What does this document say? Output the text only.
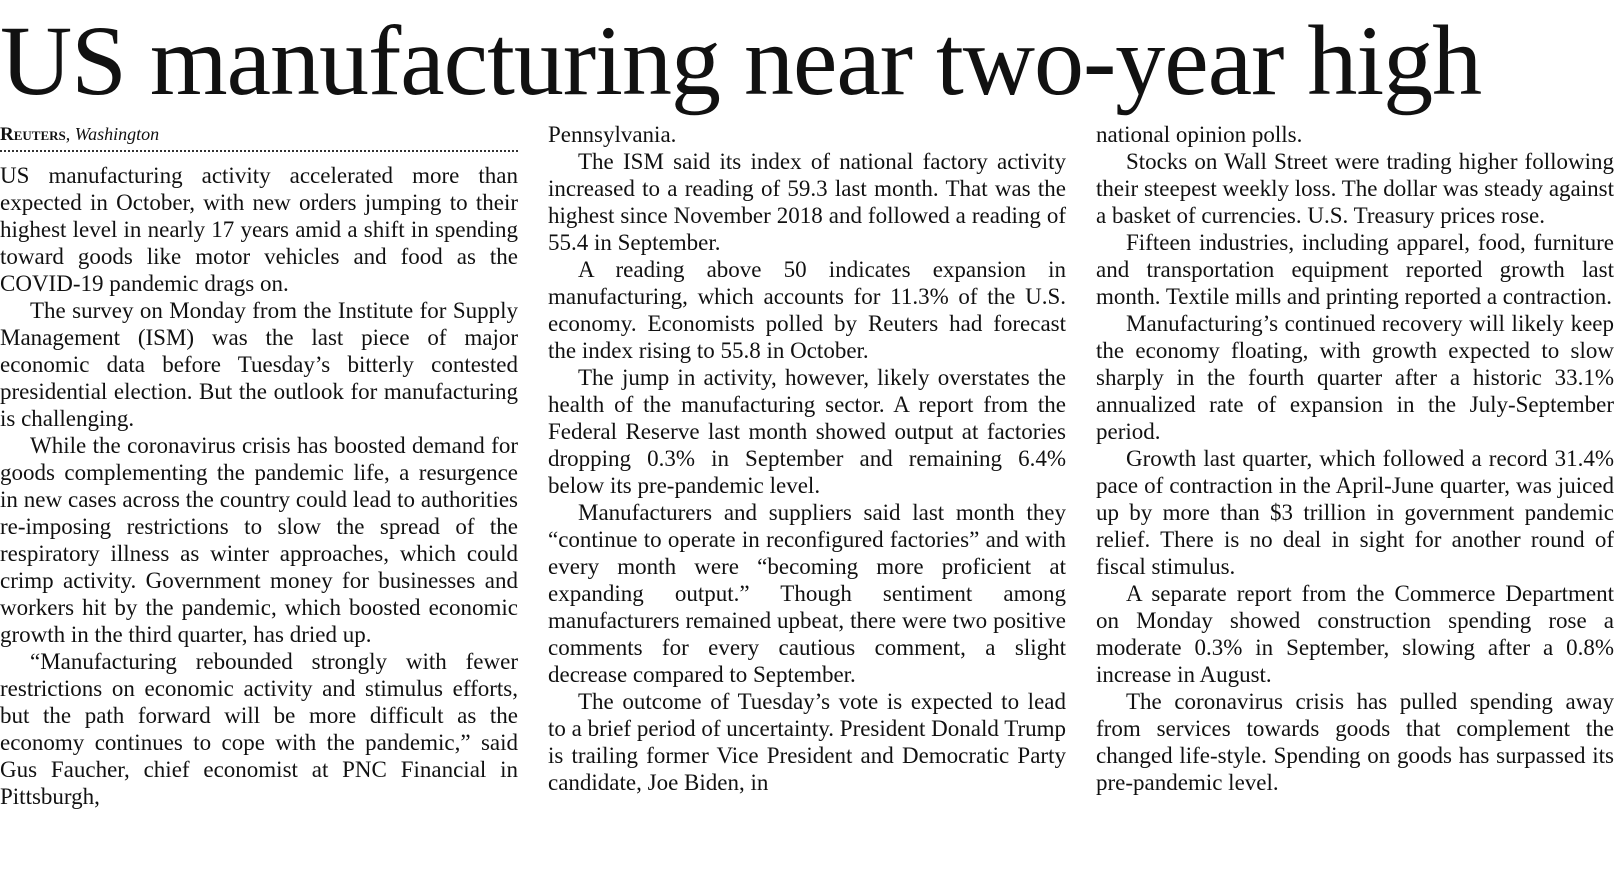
US manufacturing near two-year high
Reuters, Washington

US manufacturing activity accelerated more than expected in October, with new orders jumping to their highest level in nearly 17 years amid a shift in spending toward goods like motor vehicles and food as the COVID-19 pandemic drags on.

The survey on Monday from the Institute for Supply Management (ISM) was the last piece of major economic data before Tuesday’s bitterly contested presidential election. But the outlook for manufacturing is challenging.

While the coronavirus crisis has boosted demand for goods complementing the pandemic life, a resurgence in new cases across the country could lead to authorities re-imposing restrictions to slow the spread of the respiratory illness as winter approaches, which could crimp activity. Government money for businesses and workers hit by the pandemic, which boosted economic growth in the third quarter, has dried up.

“Manufacturing rebounded strongly with fewer restrictions on economic activity and stimulus efforts, but the path forward will be more difficult as the economy continues to cope with the pandemic,” said Gus Faucher, chief economist at PNC Financial in Pittsburgh,

Pennsylvania.

The ISM said its index of national factory activity increased to a reading of 59.3 last month. That was the highest since November 2018 and followed a reading of 55.4 in September.

A reading above 50 indicates expansion in manufacturing, which accounts for 11.3% of the U.S. economy. Economists polled by Reuters had forecast the index rising to 55.8 in October.

The jump in activity, however, likely overstates the health of the manufacturing sector. A report from the Federal Reserve last month showed output at factories dropping 0.3% in September and remaining 6.4% below its pre-pandemic level.

Manufacturers and suppliers said last month they “continue to operate in reconfigured factories” and with every month were “becoming more proficient at expanding output.” Though sentiment among manufacturers remained upbeat, there were two positive comments for every cautious comment, a slight decrease compared to September.

The outcome of Tuesday’s vote is expected to lead to a brief period of uncertainty. President Donald Trump is trailing former Vice President and Democratic Party candidate, Joe Biden, in

national opinion polls.

Stocks on Wall Street were trading higher following their steepest weekly loss. The dollar was steady against a basket of currencies. U.S. Treasury prices rose.

Fifteen industries, including apparel, food, furniture and transportation equipment reported growth last month. Textile mills and printing reported a contraction.

Manufacturing’s continued recovery will likely keep the economy floating, with growth expected to slow sharply in the fourth quarter after a historic 33.1% annualized rate of expansion in the July-September period.

Growth last quarter, which followed a record 31.4% pace of contraction in the April-June quarter, was juiced up by more than $3 trillion in government pandemic relief. There is no deal in sight for another round of fiscal stimulus.

A separate report from the Commerce Department on Monday showed construction spending rose a moderate 0.3% in September, slowing after a 0.8% increase in August.

The coronavirus crisis has pulled spending away from services towards goods that complement the changed life-style. Spending on goods has surpassed its pre-pandemic level.
